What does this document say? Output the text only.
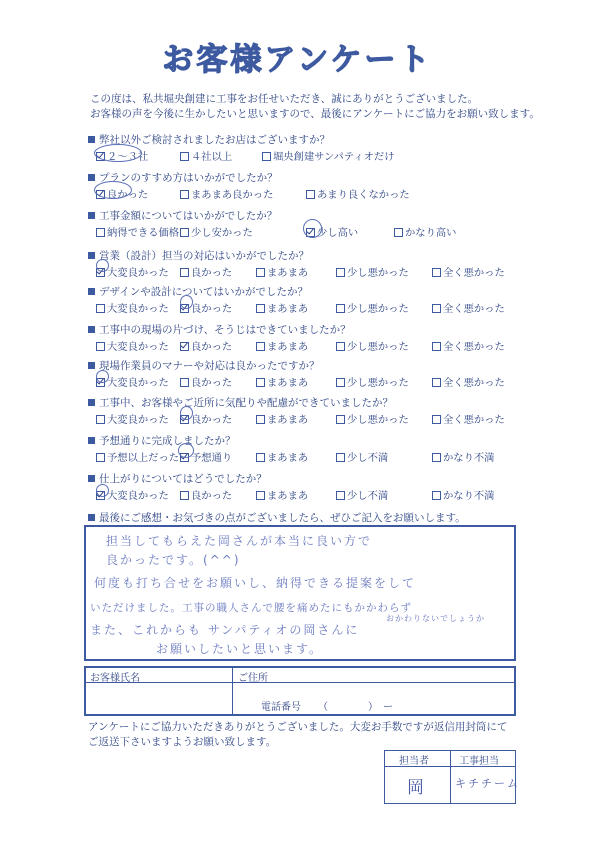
お客様アンケート
この度は、私共堀央創建に工事をお任せいただき、誠にありがとうございました。
お客様の声を今後に生かしたいと思いますので、最後にアンケートにご協力をお願い致します。
弊社以外ご検討されましたお店はございますか？
２〜３社	４社以上	堀央創建サンパティオだけ
プランのすすめ方はいかがでしたか？
良かった	まあまあ良かった	あまり良くなかった
工事金額についてはいかがでしたか？
納得できる価格	少し安かった	少し高い	かなり高い
営業（設計）担当の対応はいかがでしたか？
大変良かった	良かった	まあまあ	少し悪かった	全く悪かった
デザインや設計についてはいかがでしたか？
大変良かった	良かった	まあまあ	少し悪かった	全く悪かった
工事中の現場の片づけ、そうじはできていましたか？
大変良かった	良かった	まあまあ	少し悪かった	全く悪かった
現場作業員のマナーや対応は良かったですか？
大変良かった	良かった	まあまあ	少し悪かった	全く悪かった
工事中、お客様やご近所に気配りや配慮ができていましたか？
大変良かった	良かった	まあまあ	少し悪かった	全く悪かった
予想通りに完成しましたか？
予想以上だった	予想通り	まあまあ	少し不満	かなり不満
仕上がりについてはどうでしたか？
大変良かった	良かった	まあまあ	少し不満	かなり不満
最後にご感想・お気づきの点がございましたら、ぜひご記入をお願いします。
担当してもらえた岡さんが本当に良い方で
良かったです。(^^)
何度も打ち合せをお願いし、納得できる提案をして
いただけました。工事の職人さんで腰を痛めたにもかかわらず
おかわりないでしょうか
また、これからも サンパティオの岡さんに
お願いしたいと思います。
お客様氏名	ご住所
電話番号 （　　　　）　ー
アンケートにご協力いただきありがとうございました。大変お手数ですが返信用封筒にて
ご返送下さいますようお願い致します。
担当者	工事担当
岡	キチチーム
